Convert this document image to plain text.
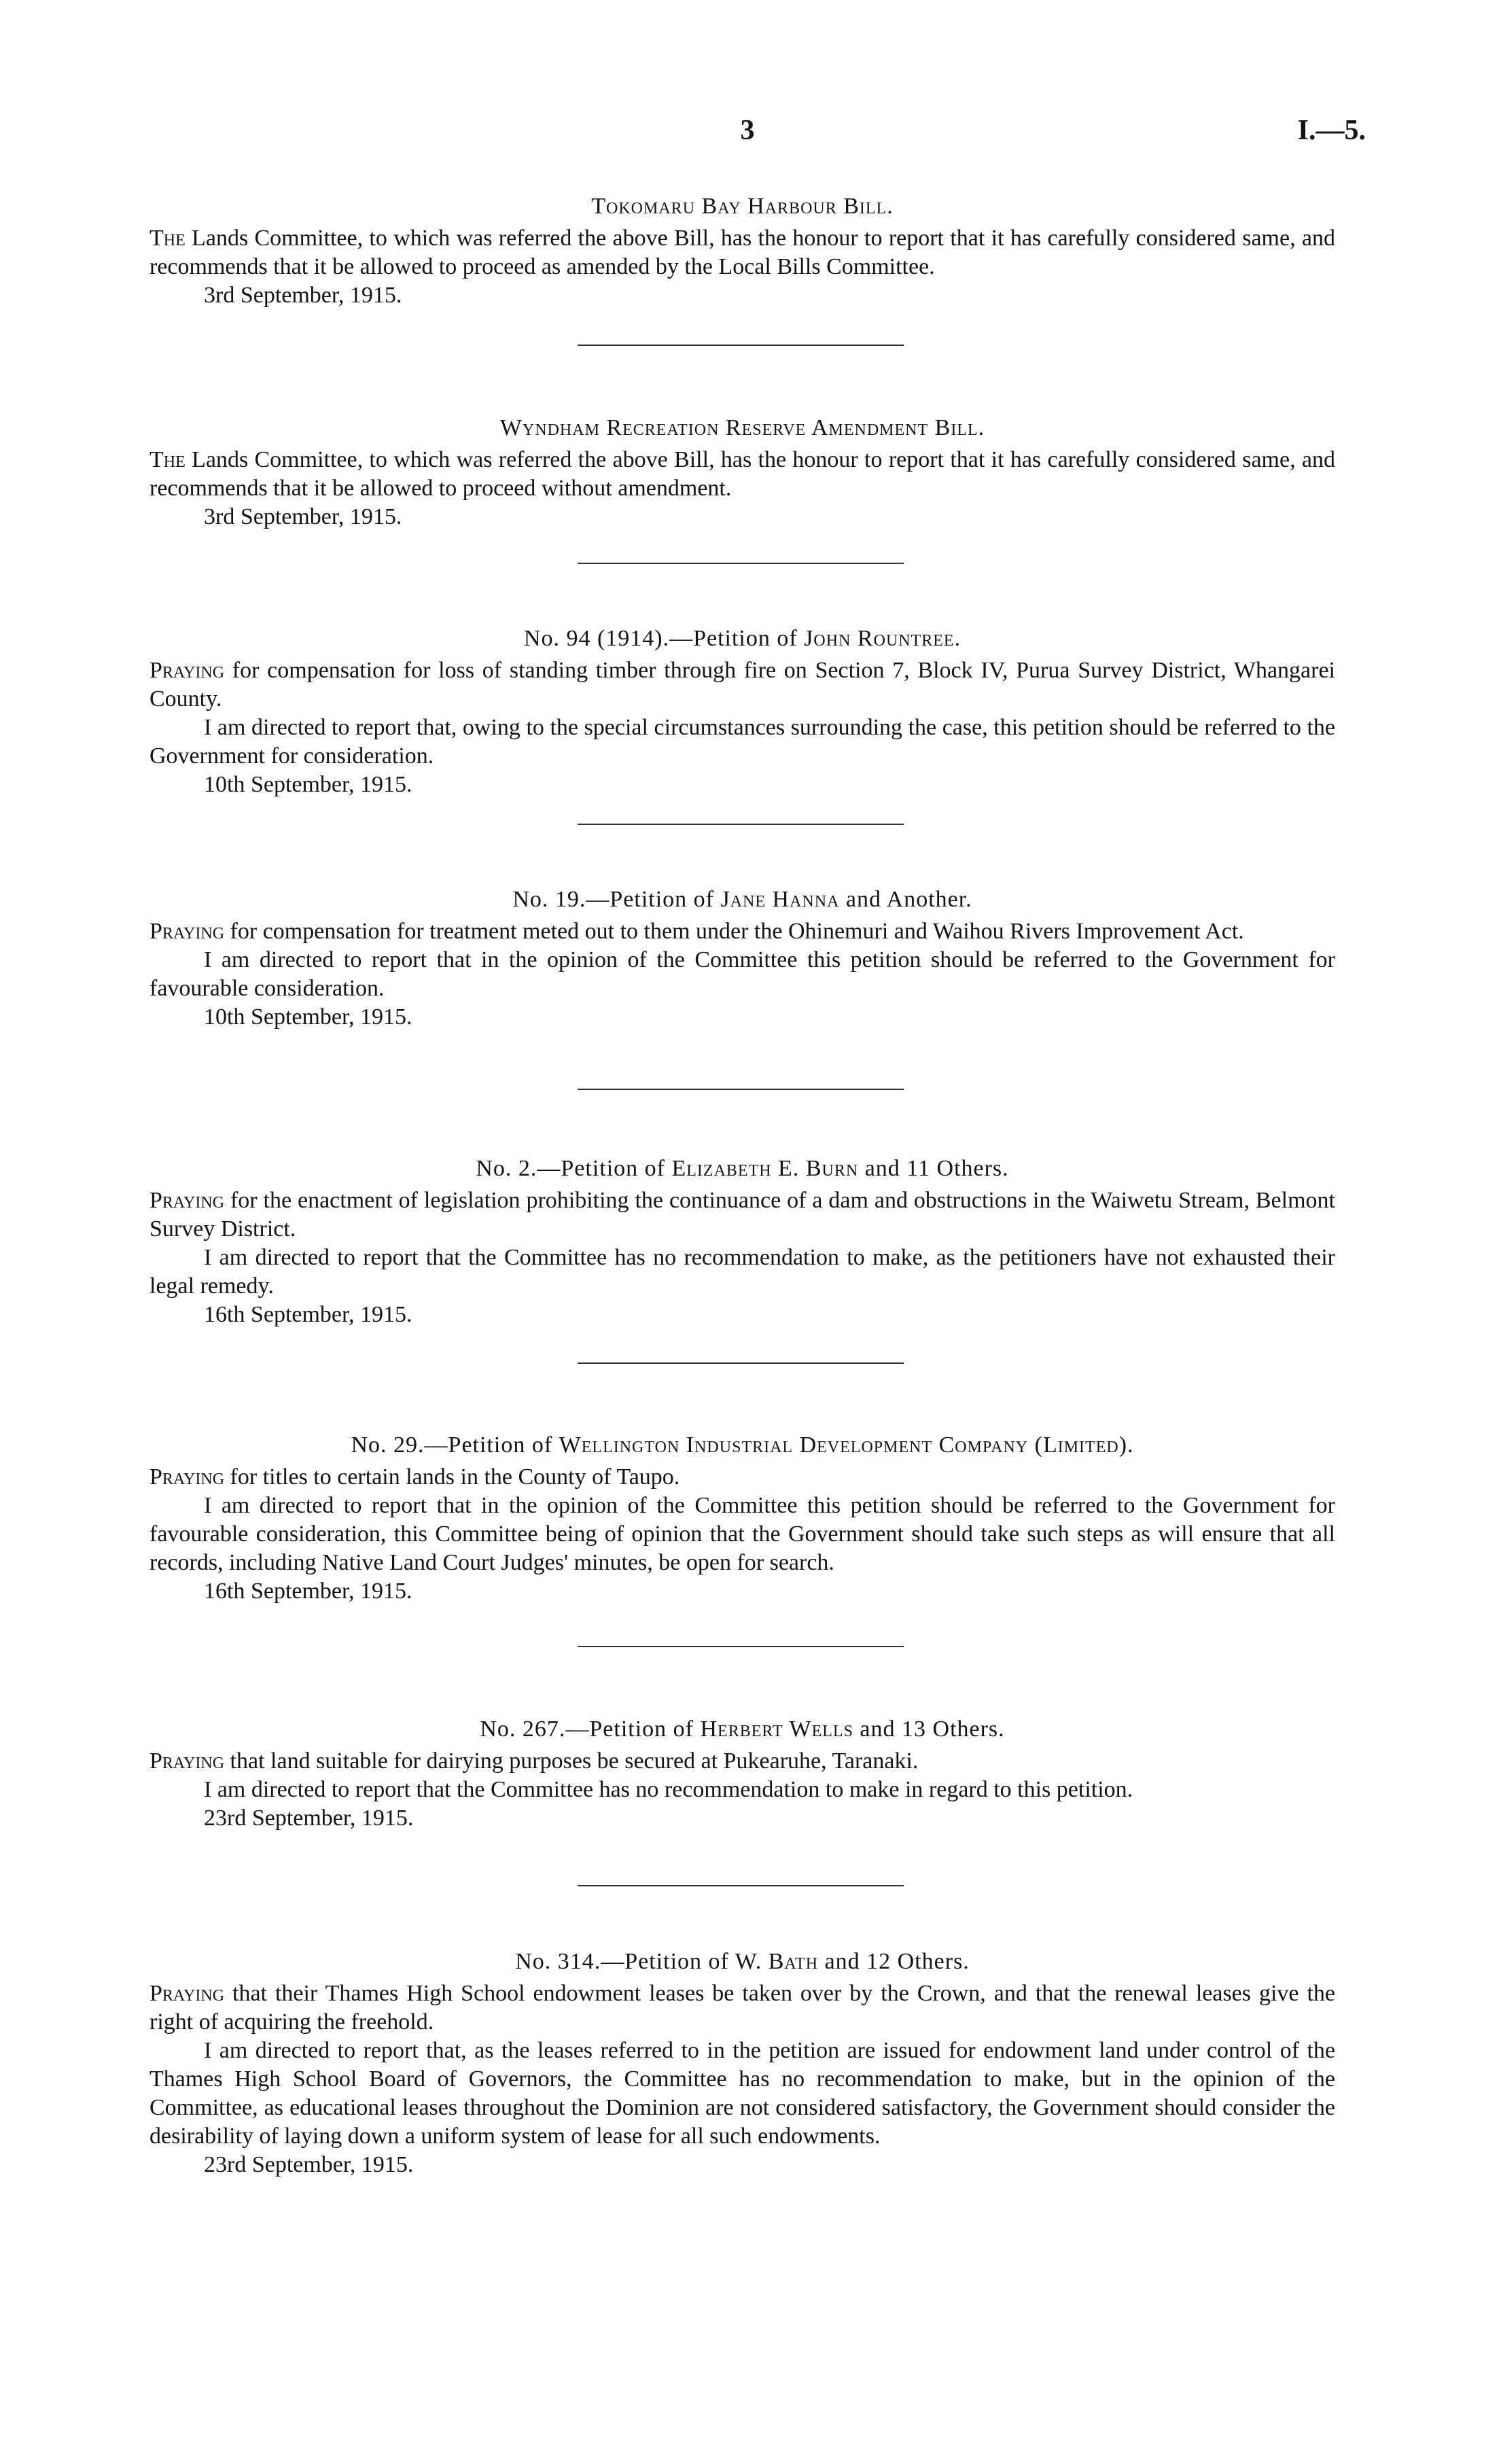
3	I.—5.
Tokomaru Bay Harbour Bill.

The Lands Committee, to which was referred the above Bill, has the honour to report that it has carefully considered same, and recommends that it be allowed to proceed as amended by the Local Bills Committee.

3rd September, 1915.
Wyndham Recreation Reserve Amendment Bill.

The Lands Committee, to which was referred the above Bill, has the honour to report that it has carefully considered same, and recommends that it be allowed to proceed without amendment.

3rd September, 1915.
No. 94 (1914).—Petition of John Rountree.

Praying for compensation for loss of standing timber through fire on Section 7, Block IV, Purua Survey District, Whangarei County.

I am directed to report that, owing to the special circumstances surrounding the case, this petition should be referred to the Government for consideration.

10th September, 1915.
No. 19.—Petition of Jane Hanna and Another.

Praying for compensation for treatment meted out to them under the Ohinemuri and Waihou Rivers Improvement Act.

I am directed to report that in the opinion of the Committee this petition should be referred to the Government for favourable consideration.

10th September, 1915.
No. 2.—Petition of Elizabeth E. Burn and 11 Others.

Praying for the enactment of legislation prohibiting the continuance of a dam and obstructions in the Waiwetu Stream, Belmont Survey District.

I am directed to report that the Committee has no recommendation to make, as the petitioners have not exhausted their legal remedy.

16th September, 1915.
No. 29.—Petition of Wellington Industrial Development Company (Limited).

Praying for titles to certain lands in the County of Taupo.

I am directed to report that in the opinion of the Committee this petition should be referred to the Government for favourable consideration, this Committee being of opinion that the Government should take such steps as will ensure that all records, including Native Land Court Judges' minutes, be open for search.

16th September, 1915.
No. 267.—Petition of Herbert Wells and 13 Others.

Praying that land suitable for dairying purposes be secured at Pukearuhe, Taranaki.

I am directed to report that the Committee has no recommendation to make in regard to this petition.

23rd September, 1915.
No. 314.—Petition of W. Bath and 12 Others.

Praying that their Thames High School endowment leases be taken over by the Crown, and that the renewal leases give the right of acquiring the freehold.

I am directed to report that, as the leases referred to in the petition are issued for endowment land under control of the Thames High School Board of Governors, the Committee has no recommendation to make, but in the opinion of the Committee, as educational leases throughout the Dominion are not considered satisfactory, the Government should consider the desirability of laying down a uniform system of lease for all such endowments.

23rd September, 1915.
